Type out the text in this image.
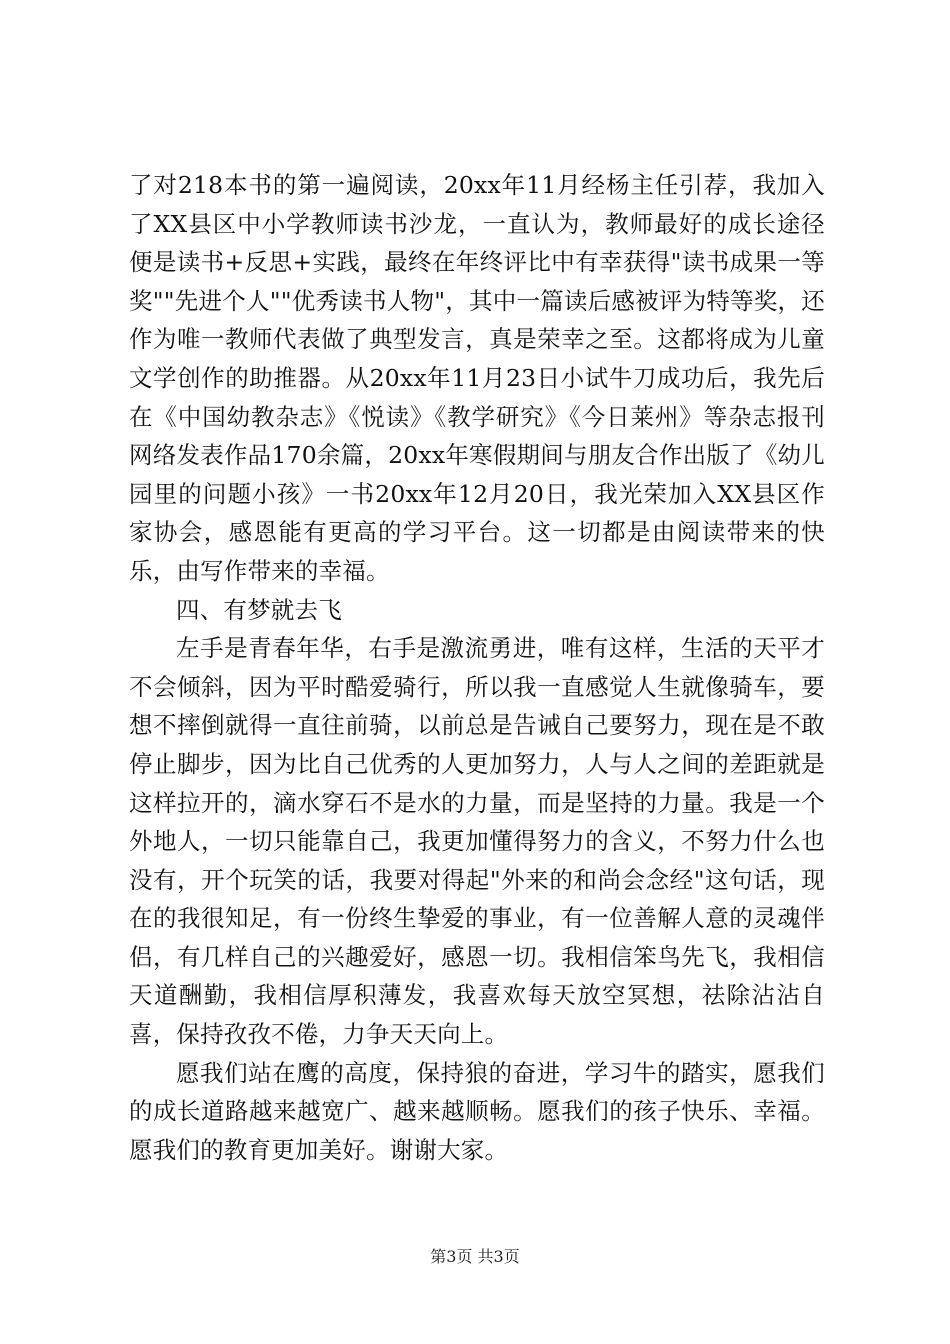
了对218本书的第一遍阅读，20xx年11月经杨主任引荐，我加入了XX县区中小学教师读书沙龙，一直认为，教师最好的成长途径便是读书+反思+实践，最终在年终评比中有幸获得"读书成果一等奖""先进个人""优秀读书人物"，其中一篇读后感被评为特等奖，还作为唯一教师代表做了典型发言，真是荣幸之至。这都将成为儿童文学创作的助推器。从20xx年11月23日小试牛刀成功后，我先后在《中国幼教杂志》《悦读》《教学研究》《今日莱州》等杂志报刊网络发表作品170余篇，20xx年寒假期间与朋友合作出版了《幼儿园里的问题小孩》一书20xx年12月20日，我光荣加入XX县区作家协会，感恩能有更高的学习平台。这一切都是由阅读带来的快乐，由写作带来的幸福。

四、有梦就去飞

左手是青春年华，右手是激流勇进，唯有这样，生活的天平才不会倾斜，因为平时酷爱骑行，所以我一直感觉人生就像骑车，要想不摔倒就得一直往前骑，以前总是告诫自己要努力，现在是不敢停止脚步，因为比自己优秀的人更加努力，人与人之间的差距就是这样拉开的，滴水穿石不是水的力量，而是坚持的力量。我是一个外地人，一切只能靠自己，我更加懂得努力的含义，不努力什么也没有，开个玩笑的话，我要对得起"外来的和尚会念经"这句话，现在的我很知足，有一份终生挚爱的事业，有一位善解人意的灵魂伴侣，有几样自己的兴趣爱好，感恩一切。我相信笨鸟先飞，我相信天道酬勤，我相信厚积薄发，我喜欢每天放空冥想，祛除沾沾自喜，保持孜孜不倦，力争天天向上。

愿我们站在鹰的高度，保持狼的奋进，学习牛的踏实，愿我们的成长道路越来越宽广、越来越顺畅。愿我们的孩子快乐、幸福。愿我们的教育更加美好。谢谢大家。

第3页 共3页
